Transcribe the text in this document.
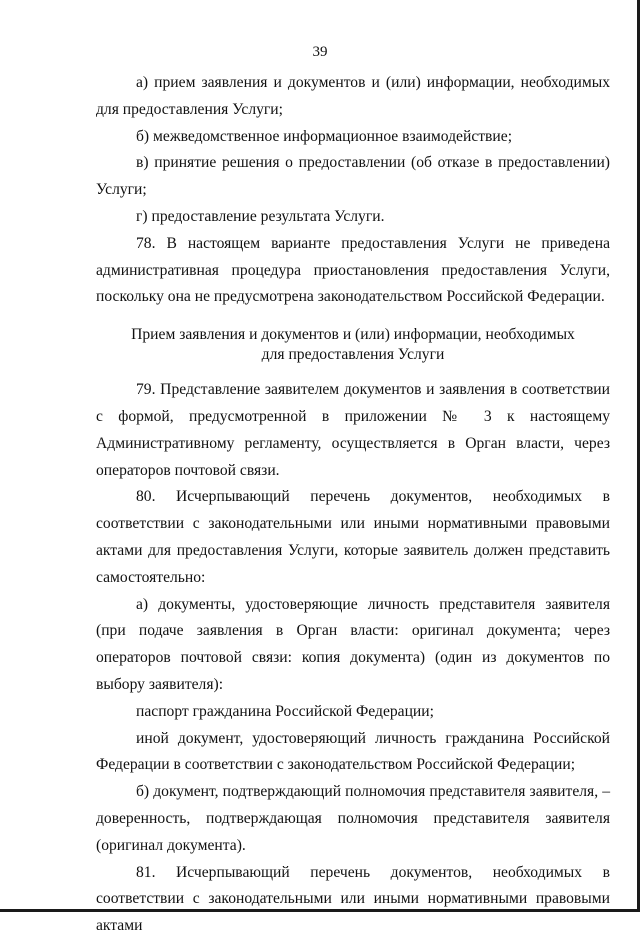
39

а) прием заявления и документов и (или) информации, необходимых для предоставления Услуги;

б) межведомственное информационное взаимодействие;

в) принятие решения о предоставлении (об отказе в предоставлении) Услуги;

г) предоставление результата Услуги.

78. В настоящем варианте предоставления Услуги не приведена административная процедура приостановления предоставления Услуги, поскольку она не предусмотрена законодательством Российской Федерации.

Прием заявления и документов и (или) информации, необходимых
для предоставления Услуги

79. Представление заявителем документов и заявления в соответствии с формой, предусмотренной в приложении № 3 к настоящему Административному регламенту, осуществляется в Орган власти, через операторов почтовой связи.

80. Исчерпывающий перечень документов, необходимых в соответствии с законодательными или иными нормативными правовыми актами для предоставления Услуги, которые заявитель должен представить самостоятельно:

а) документы, удостоверяющие личность представителя заявителя (при подаче заявления в Орган власти: оригинал документа; через операторов почтовой связи: копия документа) (один из документов по выбору заявителя):

паспорт гражданина Российской Федерации;

иной документ, удостоверяющий личность гражданина Российской Федерации в соответствии с законодательством Российской Федерации;

б) документ, подтверждающий полномочия представителя заявителя, – доверенность, подтверждающая полномочия представителя заявителя (оригинал документа).

81. Исчерпывающий перечень документов, необходимых в соответствии с законодательными или иными нормативными правовыми актами
